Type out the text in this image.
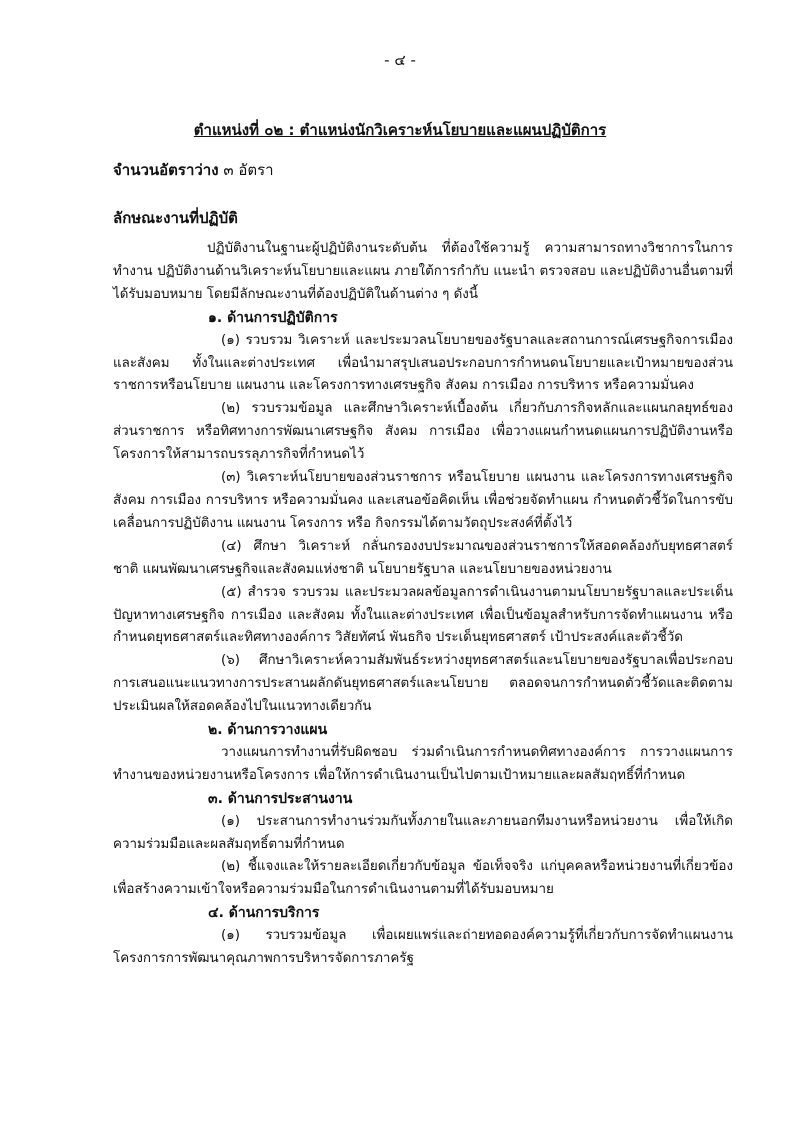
- ๔ -
ตำแหน่งที่ ๐๒ : ตำแหน่งนักวิเคราะห์นโยบายและแผนปฏิบัติการ
จำนวนอัตราว่าง ๓ อัตรา
ลักษณะงานที่ปฏิบัติ

ปฏิบัติงานในฐานะผู้ปฏิบัติงานระดับต้น ที่ต้องใช้ความรู้ ความสามารถทางวิชาการในการทำงาน ปฏิบัติงานด้านวิเคราะห์นโยบายและแผน ภายใต้การกำกับ แนะนำ ตรวจสอบ และปฏิบัติงานอื่นตามที่ได้รับมอบหมาย โดยมีลักษณะงานที่ต้องปฏิบัติในด้านต่าง ๆ ดังนี้

๑. ด้านการปฏิบัติการ

(๑) รวบรวม วิเคราะห์ และประมวลนโยบายของรัฐบาลและสถานการณ์เศรษฐกิจการเมือง และสังคม ทั้งในและต่างประเทศ เพื่อนำมาสรุปเสนอประกอบการกำหนดนโยบายและเป้าหมายของส่วนราชการหรือนโยบาย แผนงาน และโครงการทางเศรษฐกิจ สังคม การเมือง การบริหาร หรือความมั่นคง

(๒) รวบรวมข้อมูล และศึกษาวิเคราะห์เบื้องต้น เกี่ยวกับภารกิจหลักและแผนกลยุทธ์ของส่วนราชการ หรือทิศทางการพัฒนาเศรษฐกิจ สังคม การเมือง เพื่อวางแผนกำหนดแผนการปฏิบัติงานหรือโครงการให้สามารถบรรลุภารกิจที่กำหนดไว้

(๓) วิเคราะห์นโยบายของส่วนราชการ หรือนโยบาย แผนงาน และโครงการทางเศรษฐกิจ สังคม การเมือง การบริหาร หรือความมั่นคง และเสนอข้อคิดเห็น เพื่อช่วยจัดทำแผน กำหนดตัวชี้วัดในการขับเคลื่อนการปฏิบัติงาน แผนงาน โครงการ หรือ กิจกรรมได้ตามวัตถุประสงค์ที่ตั้งไว้

(๔) ศึกษา วิเคราะห์ กลั่นกรองงบประมาณของส่วนราชการให้สอดคล้องกับยุทธศาสตร์ชาติ แผนพัฒนาเศรษฐกิจและสังคมแห่งชาติ นโยบายรัฐบาล และนโยบายของหน่วยงาน

(๕) สำรวจ รวบรวม และประมวลผลข้อมูลการดำเนินงานตามนโยบายรัฐบาลและประเด็นปัญหาทางเศรษฐกิจ การเมือง และสังคม ทั้งในและต่างประเทศ เพื่อเป็นข้อมูลสำหรับการจัดทำแผนงาน หรือกำหนดยุทธศาสตร์และทิศทางองค์การ วิสัยทัศน์ พันธกิจ ประเด็นยุทธศาสตร์ เป้าประสงค์และตัวชี้วัด

(๖) ศึกษาวิเคราะห์ความสัมพันธ์ระหว่างยุทธศาสตร์และนโยบายของรัฐบาลเพื่อประกอบการเสนอแนะแนวทางการประสานผลักดันยุทธศาสตร์และนโยบาย ตลอดจนการกำหนดตัวชี้วัดและติดตามประเมินผลให้สอดคล้องไปในแนวทางเดียวกัน

๒. ด้านการวางแผน

วางแผนการทำงานที่รับผิดชอบ ร่วมดำเนินการกำหนดทิศทางองค์การ การวางแผนการทำงานของหน่วยงานหรือโครงการ เพื่อให้การดำเนินงานเป็นไปตามเป้าหมายและผลสัมฤทธิ์ที่กำหนด

๓. ด้านการประสานงาน

(๑) ประสานการทำงานร่วมกันทั้งภายในและภายนอกทีมงานหรือหน่วยงาน เพื่อให้เกิดความร่วมมือและผลสัมฤทธิ์ตามที่กำหนด

(๒) ชี้แจงและให้รายละเอียดเกี่ยวกับข้อมูล ข้อเท็จจริง แก่บุคคลหรือหน่วยงานที่เกี่ยวข้องเพื่อสร้างความเข้าใจหรือความร่วมมือในการดำเนินงานตามที่ได้รับมอบหมาย

๔. ด้านการบริการ

(๑) รวบรวมข้อมูล เพื่อเผยแพร่และถ่ายทอดองค์ความรู้ที่เกี่ยวกับการจัดทำแผนงานโครงการการพัฒนาคุณภาพการบริหารจัดการภาครัฐ
